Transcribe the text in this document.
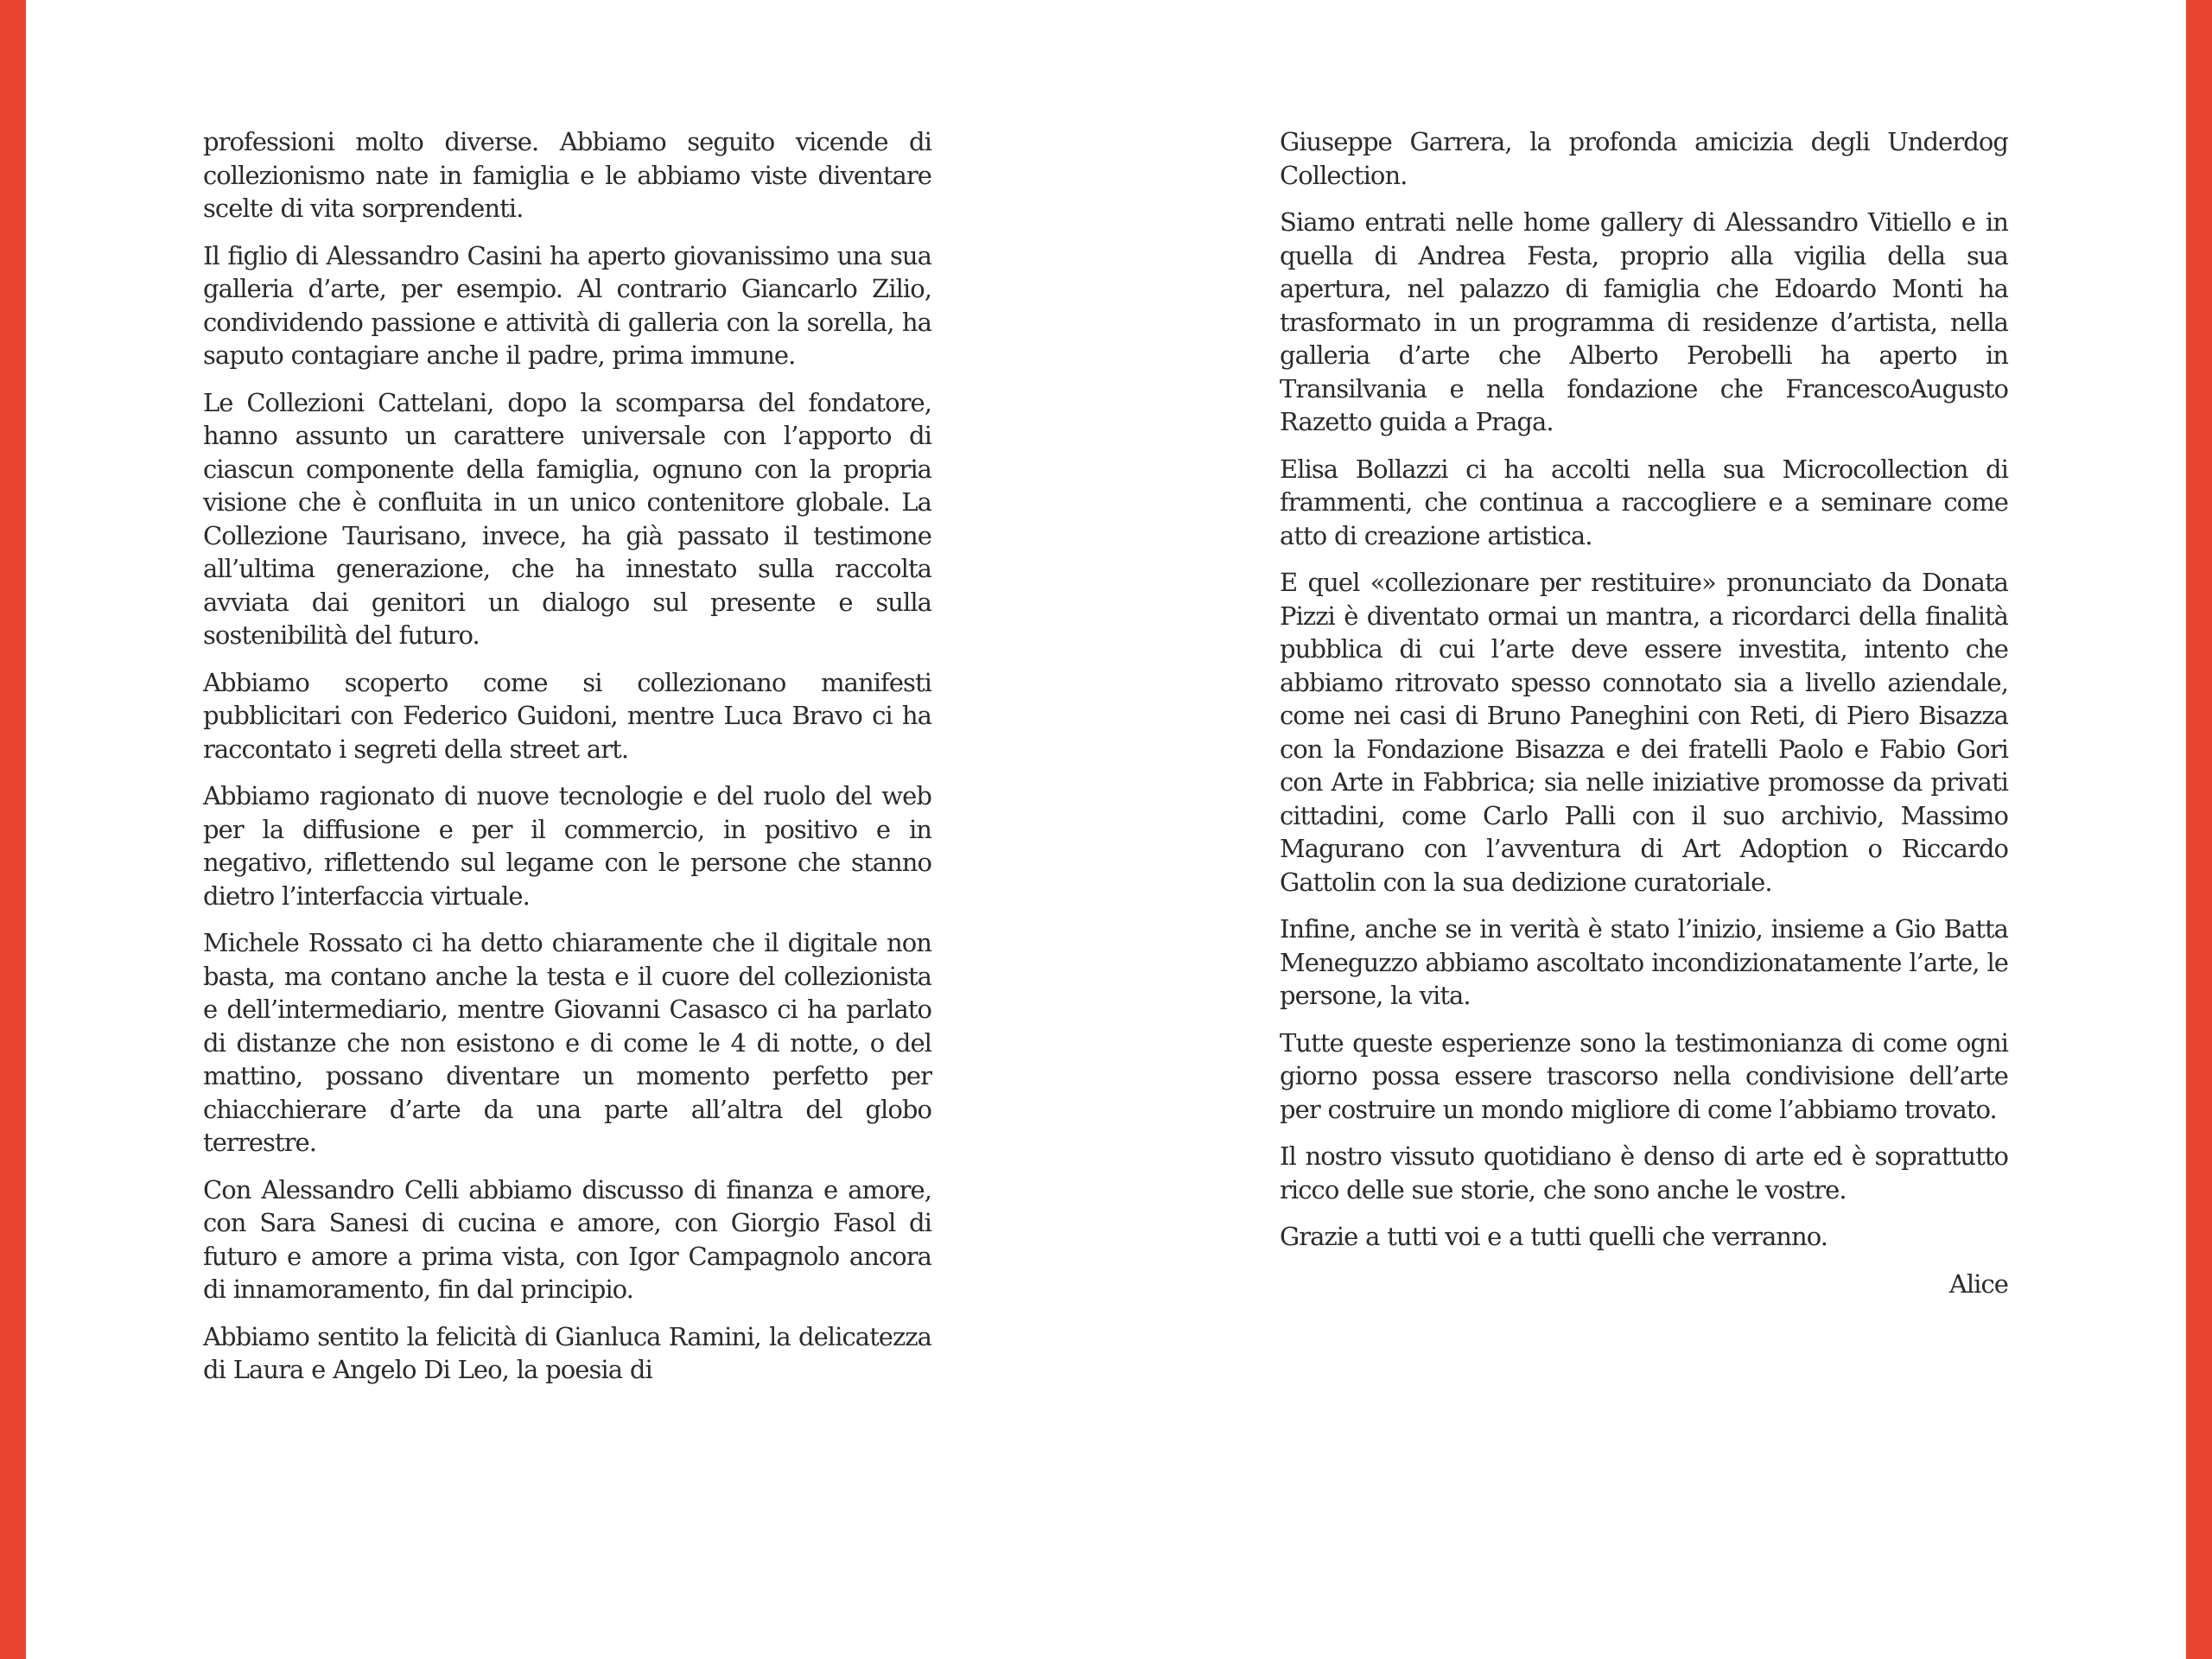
professioni molto diverse. Abbiamo seguito vicende di collezionismo nate in famiglia e le abbiamo viste diventare scelte di vita sorprendenti.

Il figlio di Alessandro Casini ha aperto giovanissimo una sua galleria d’arte, per esempio. Al contrario Giancarlo Zilio, condividendo passione e attività di galleria con la sorella, ha saputo contagiare anche il padre, prima immune.

Le Collezioni Cattelani, dopo la scomparsa del fondatore, hanno assunto un carattere universale con l’apporto di ciascun componente della famiglia, ognuno con la propria visione che è confluita in un unico contenitore globale. La Collezione Taurisano, invece, ha già passato il testimone all’ultima generazione, che ha innestato sulla raccolta avviata dai genitori un dialogo sul presente e sulla sostenibilità del futuro.

Abbiamo scoperto come si collezionano manifesti pubblicitari con Federico Guidoni, mentre Luca Bravo ci ha raccontato i segreti della street art.

Abbiamo ragionato di nuove tecnologie e del ruolo del web per la diffusione e per il commercio, in positivo e in negativo, riflettendo sul legame con le persone che stanno dietro l’interfaccia virtuale.

Michele Rossato ci ha detto chiaramente che il digitale non basta, ma contano anche la testa e il cuore del collezionista e dell’intermediario, mentre Giovanni Casasco ci ha parlato di distanze che non esistono e di come le 4 di notte, o del mattino, possano diventare un momento perfetto per chiacchierare d’arte da una parte all’altra del globo terrestre.

Con Alessandro Celli abbiamo discusso di finanza e amore, con Sara Sanesi di cucina e amore, con Giorgio Fasol di futuro e amore a prima vista, con Igor Campagnolo ancora di innamoramento, fin dal principio.

Abbiamo sentito la felicità di Gianluca Ramini, la delicatezza di Laura e Angelo Di Leo, la poesia di

Giuseppe Garrera, la profonda amicizia degli Underdog Collection.

Siamo entrati nelle home gallery di Alessandro Vitiello e in quella di Andrea Festa, proprio alla vigilia della sua apertura, nel palazzo di famiglia che Edoardo Monti ha trasformato in un programma di residenze d’artista, nella galleria d’arte che Alberto Perobelli ha aperto in Transilvania e nella fondazione che FrancescoAugusto Razetto guida a Praga.

Elisa Bollazzi ci ha accolti nella sua Microcollection di frammenti, che continua a raccogliere e a seminare come atto di creazione artistica.

E quel «collezionare per restituire» pronunciato da Donata Pizzi è diventato ormai un mantra, a ricordarci della finalità pubblica di cui l’arte deve essere investita, intento che abbiamo ritrovato spesso connotato sia a livello aziendale, come nei casi di Bruno Paneghini con Reti, di Piero Bisazza con la Fondazione Bisazza e dei fratelli Paolo e Fabio Gori con Arte in Fabbrica; sia nelle iniziative promosse da privati cittadini, come Carlo Palli con il suo archivio, Massimo Magurano con l’avventura di Art Adoption o Riccardo Gattolin con la sua dedizione curatoriale.

Infine, anche se in verità è stato l’inizio, insieme a Gio Batta Meneguzzo abbiamo ascoltato incondizionatamente l’arte, le persone, la vita.

Tutte queste esperienze sono la testimonianza di come ogni giorno possa essere trascorso nella condivisione dell’arte per costruire un mondo migliore di come l’abbiamo trovato.

Il nostro vissuto quotidiano è denso di arte ed è soprattutto ricco delle sue storie, che sono anche le vostre.

Grazie a tutti voi e a tutti quelli che verranno.

Alice
